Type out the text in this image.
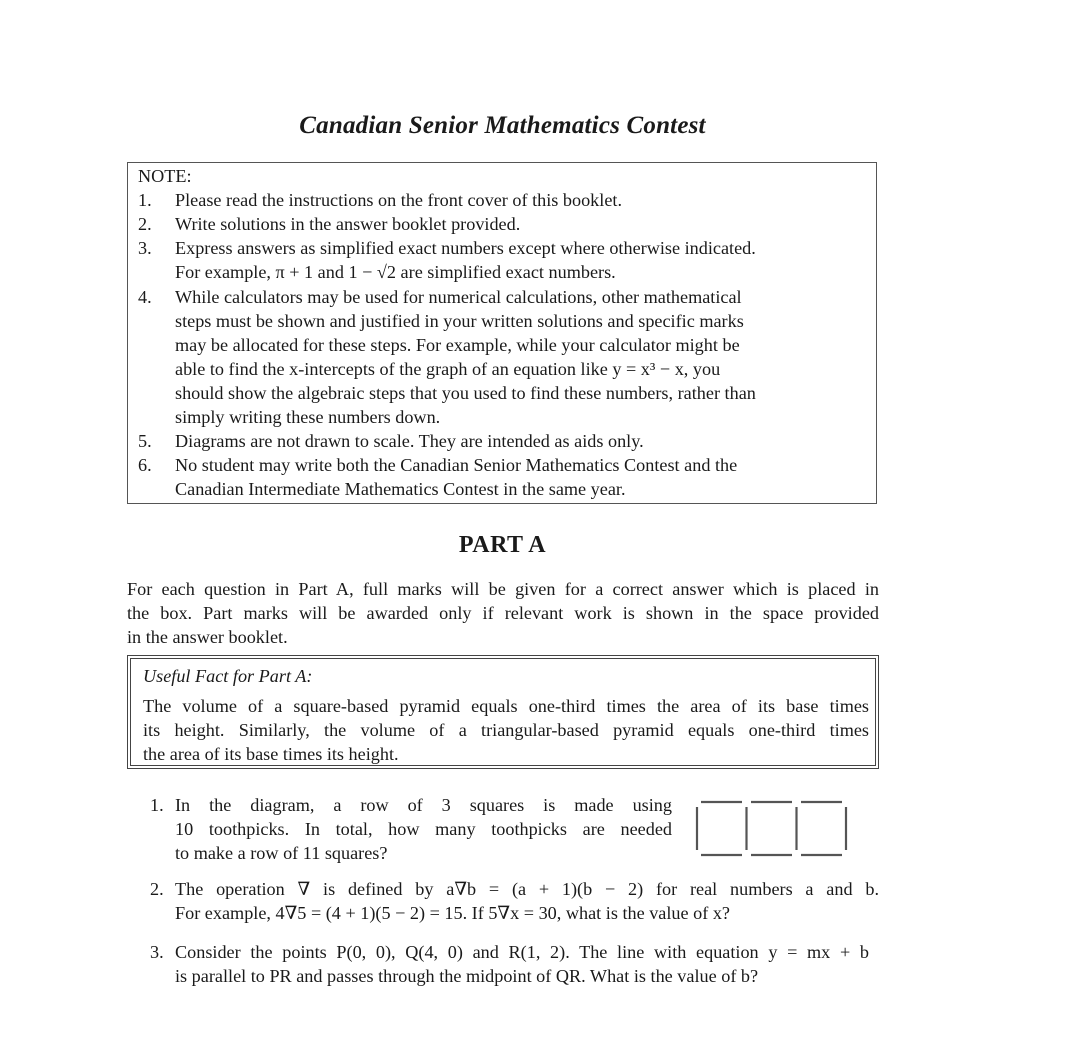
Canadian Senior Mathematics Contest
NOTE:
1.	Please read the instructions on the front cover of this booklet.
2.	Write solutions in the answer booklet provided.
3.	Express answers as simplified exact numbers except where otherwise indicated.
For example, π + 1 and 1 − √2 are simplified exact numbers.
4.	While calculators may be used for numerical calculations, other mathematical
steps must be shown and justified in your written solutions and specific marks
may be allocated for these steps. For example, while your calculator might be
able to find the x-intercepts of the graph of an equation like y = x³ − x, you
should show the algebraic steps that you used to find these numbers, rather than
simply writing these numbers down.
5.	Diagrams are not drawn to scale. They are intended as aids only.
6.	No student may write both the Canadian Senior Mathematics Contest and the
Canadian Intermediate Mathematics Contest in the same year.
PART A
For each question in Part A, full marks will be given for a correct answer which is placed in
the box. Part marks will be awarded only if relevant work is shown in the space provided
in the answer booklet.
Useful Fact for Part A:
The volume of a square-based pyramid equals one-third times the area of its base times
its height. Similarly, the volume of a triangular-based pyramid equals one-third times
the area of its base times its height.
1. In the diagram, a row of 3 squares is made using
10 toothpicks. In total, how many toothpicks are needed
to make a row of 11 squares?
2. The operation ∇ is defined by a∇b = (a + 1)(b − 2) for real numbers a and b.
For example, 4∇5 = (4 + 1)(5 − 2) = 15. If 5∇x = 30, what is the value of x?
3. Consider the points P(0, 0), Q(4, 0) and R(1, 2). The line with equation y = mx + b
is parallel to PR and passes through the midpoint of QR. What is the value of b?
